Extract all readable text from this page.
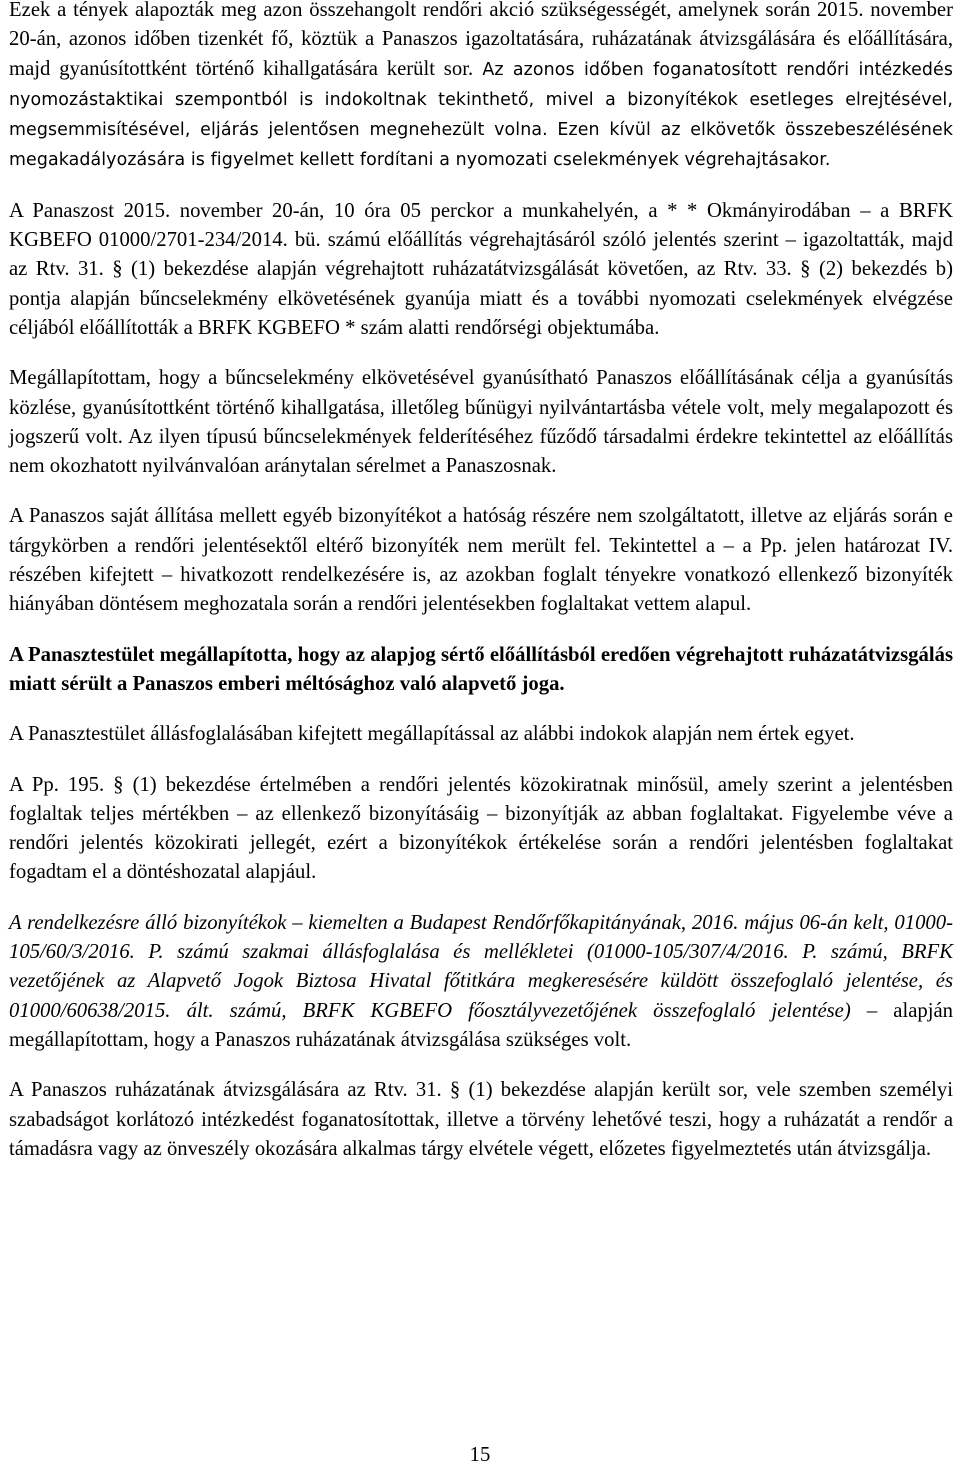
Ezek a tények alapozták meg azon összehangolt rendőri akció szükségességét, amelynek során 2015. november 20-án, azonos időben tizenkét fő, köztük a Panaszos igazoltatására, ruházatának átvizsgálására és előállítására, majd gyanúsítottként történő kihallgatására került sor. Az azonos időben foganatosított rendőri intézkedés nyomozástaktikai szempontból is indokoltnak tekinthető, mivel a bizonyítékok esetleges elrejtésével, megsemmisítésével, eljárás jelentősen megnehezült volna. Ezen kívül az elkövetők összebeszélésének megakadályozására is figyelmet kellett fordítani a nyomozati cselekmények végrehajtásakor.

A Panaszost 2015. november 20-án, 10 óra 05 perckor a munkahelyén, a * * Okmányirodában – a BRFK KGBEFO 01000/2701-234/2014. bü. számú előállítás végrehajtásáról szóló jelentés szerint – igazoltatták, majd az Rtv. 31. § (1) bekezdése alapján végrehajtott ruházatátvizsgálását követően, az Rtv. 33. § (2) bekezdés b) pontja alapján bűncselekmény elkövetésének gyanúja miatt és a további nyomozati cselekmények elvégzése céljából előállították a BRFK KGBEFO * szám alatti rendőrségi objektumába.

Megállapítottam, hogy a bűncselekmény elkövetésével gyanúsítható Panaszos előállításának célja a gyanúsítás közlése, gyanúsítottként történő kihallgatása, illetőleg bűnügyi nyilvántartásba vétele volt, mely megalapozott és jogszerű volt. Az ilyen típusú bűncselekmények felderítéséhez fűződő társadalmi érdekre tekintettel az előállítás nem okozhatott nyilvánvalóan aránytalan sérelmet a Panaszosnak.

A Panaszos saját állítása mellett egyéb bizonyítékot a hatóság részére nem szolgáltatott, illetve az eljárás során e tárgykörben a rendőri jelentésektől eltérő bizonyíték nem merült fel. Tekintettel a – a Pp. jelen határozat IV. részében kifejtett – hivatkozott rendelkezésére is, az azokban foglalt tényekre vonatkozó ellenkező bizonyíték hiányában döntésem meghozatala során a rendőri jelentésekben foglaltakat vettem alapul.

A Panasztestület megállapította, hogy az alapjog sértő előállításból eredően végrehajtott ruházatátvizsgálás miatt sérült a Panaszos emberi méltósághoz való alapvető joga.

A Panasztestület állásfoglalásában kifejtett megállapítással az alábbi indokok alapján nem értek egyet.

A Pp. 195. § (1) bekezdése értelmében a rendőri jelentés közokiratnak minősül, amely szerint a jelentésben foglaltak teljes mértékben – az ellenkező bizonyításáig – bizonyítják az abban foglaltakat. Figyelembe véve a rendőri jelentés közokirati jellegét, ezért a bizonyítékok értékelése során a rendőri jelentésben foglaltakat fogadtam el a döntéshozatal alapjául.

A rendelkezésre álló bizonyítékok – kiemelten a Budapest Rendőrfőkapitányának, 2016. május 06-án kelt, 01000-105/60/3/2016. P. számú szakmai állásfoglalása és mellékletei (01000-105/307/4/2016. P. számú, BRFK vezetőjének az Alapvető Jogok Biztosa Hivatal főtitkára megkeresésére küldött összefoglaló jelentése, és 01000/60638/2015. ált. számú, BRFK KGBEFO főosztályvezetőjének összefoglaló jelentése) – alapján megállapítottam, hogy a Panaszos ruházatának átvizsgálása szükséges volt.

A Panaszos ruházatának átvizsgálására az Rtv. 31. § (1) bekezdése alapján került sor, vele szemben személyi szabadságot korlátozó intézkedést foganatosítottak, illetve a törvény lehetővé teszi, hogy a ruházatát a rendőr a támadásra vagy az önveszély okozására alkalmas tárgy elvétele végett, előzetes figyelmeztetés után átvizsgálja.

15
